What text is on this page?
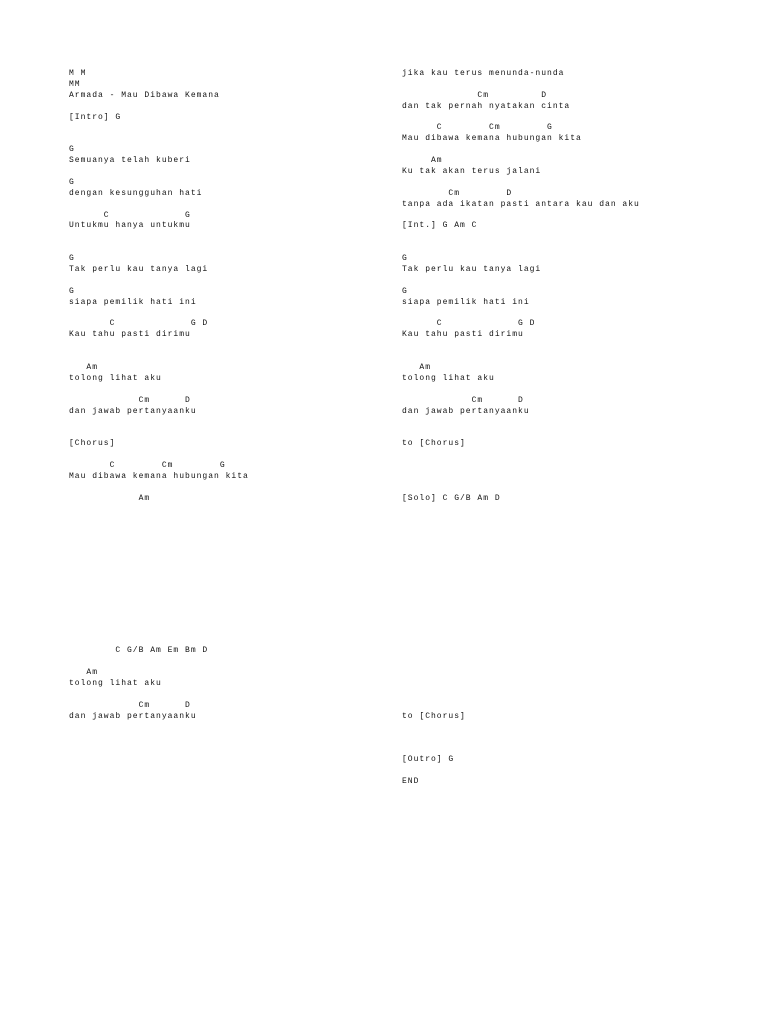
M M
MM
Armada - Mau Dibawa Kemana
[Intro] G
G
Semuanya telah kuberi
G
dengan kesungguhan hati
C             G
Untukmu hanya untukmu
G
Tak perlu kau tanya lagi
G
siapa pemilik hati ini
C             G D
Kau tahu pasti dirimu
Am
tolong lihat aku
Cm      D
dan jawab pertanyaanku
[Chorus]
C        Cm        G
Mau dibawa kemana hubungan kita
Am
C G/B Am Em Bm D
Am
tolong lihat aku
Cm      D
dan jawab pertanyaanku
jika kau terus menunda-nunda
Cm         D
dan tak pernah nyatakan cinta
C        Cm        G
Mau dibawa kemana hubungan kita
Am
Ku tak akan terus jalani
Cm        D
tanpa ada ikatan pasti antara kau dan aku
[Int.] G Am C
G
Tak perlu kau tanya lagi
G
siapa pemilik hati ini
C             G D
Kau tahu pasti dirimu
Am
tolong lihat aku
Cm      D
dan jawab pertanyaanku
to [Chorus]
[Solo] C G/B Am D
to [Chorus]
[Outro] G
END
